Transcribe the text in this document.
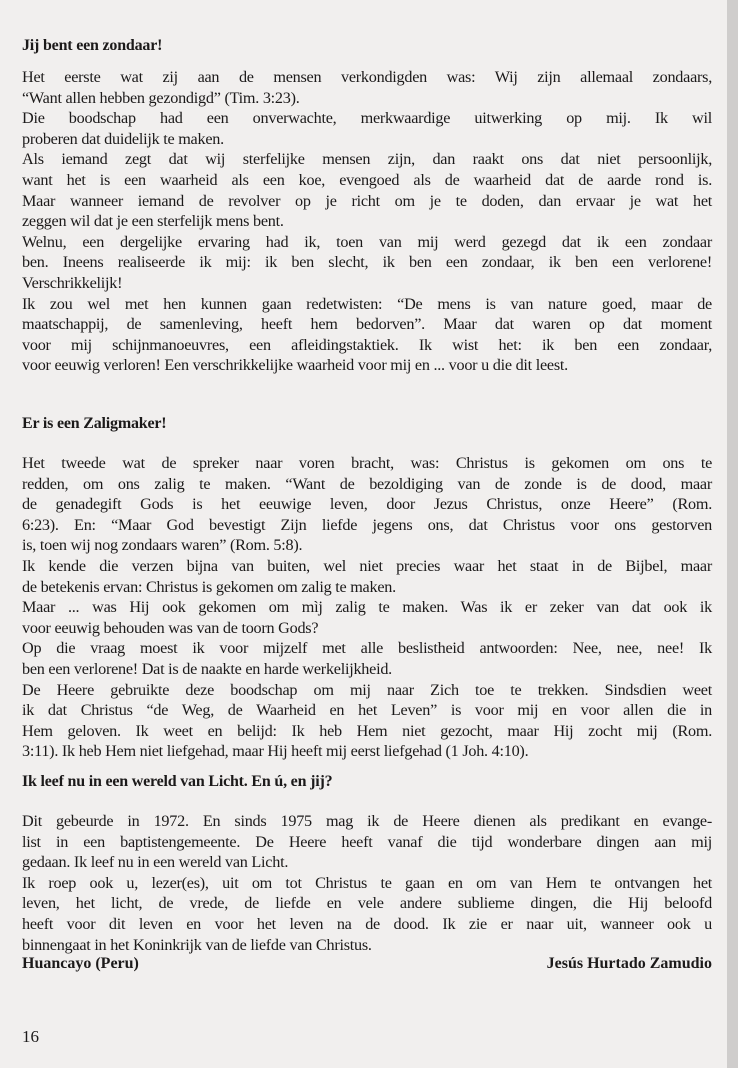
Jij bent een zondaar!
Het eerste wat zij aan de mensen verkondigden was: Wij zijn allemaal zondaars,
“Want allen hebben gezondigd” (Tim. 3:23).
Die boodschap had een onverwachte, merkwaardige uitwerking op mij. Ik wil
proberen dat duidelijk te maken.
Als iemand zegt dat wij sterfelijke mensen zijn, dan raakt ons dat niet persoonlijk,
want het is een waarheid als een koe, evengoed als de waarheid dat de aarde rond is.
Maar wanneer iemand de revolver op je richt om je te doden, dan ervaar je wat het
zeggen wil dat je een sterfelijk mens bent.
Welnu, een dergelijke ervaring had ik, toen van mij werd gezegd dat ik een zondaar
ben. Ineens realiseerde ik mij: ik ben slecht, ik ben een zondaar, ik ben een verlorene!
Verschrikkelijk!
Ik zou wel met hen kunnen gaan redetwisten: “De mens is van nature goed, maar de
maatschappij, de samenleving, heeft hem bedorven”. Maar dat waren op dat moment
voor mij schijnmanoeuvres, een afleidingstaktiek. Ik wist het: ik ben een zondaar,
voor eeuwig verloren! Een verschrikkelijke waarheid voor mij en ... voor u die dit leest.
Er is een Zaligmaker!
Het tweede wat de spreker naar voren bracht, was: Christus is gekomen om ons te
redden, om ons zalig te maken. “Want de bezoldiging van de zonde is de dood, maar
de genadegift Gods is het eeuwige leven, door Jezus Christus, onze Heere” (Rom.
6:23). En: “Maar God bevestigt Zijn liefde jegens ons, dat Christus voor ons gestorven
is, toen wij nog zondaars waren” (Rom. 5:8).
Ik kende die verzen bijna van buiten, wel niet precies waar het staat in de Bijbel, maar
de betekenis ervan: Christus is gekomen om zalig te maken.
Maar ... was Hij ook gekomen om mìj zalig te maken. Was ik er zeker van dat ook ik
voor eeuwig behouden was van de toorn Gods?
Op die vraag moest ik voor mijzelf met alle beslistheid antwoorden: Nee, nee, nee! Ik
ben een verlorene! Dat is de naakte en harde werkelijkheid.
De Heere gebruikte deze boodschap om mij naar Zich toe te trekken. Sindsdien weet
ik dat Christus “de Weg, de Waarheid en het Leven” is voor mij en voor allen die in
Hem geloven. Ik weet en belijd: Ik heb Hem niet gezocht, maar Hij zocht mij (Rom.
3:11). Ik heb Hem niet liefgehad, maar Hij heeft mij eerst liefgehad (1 Joh. 4:10).
Ik leef nu in een wereld van Licht. En ú, en jij?
Dit gebeurde in 1972. En sinds 1975 mag ik de Heere dienen als predikant en evange-
list in een baptistengemeente. De Heere heeft vanaf die tijd wonderbare dingen aan mij
gedaan. Ik leef nu in een wereld van Licht.
Ik roep ook u, lezer(es), uit om tot Christus te gaan en om van Hem te ontvangen het
leven, het licht, de vrede, de liefde en vele andere sublieme dingen, die Hij beloofd
heeft voor dit leven en voor het leven na de dood. Ik zie er naar uit, wanneer ook u
binnengaat in het Koninkrijk van de liefde van Christus.
Huancayo (Peru)	Jesús Hurtado Zamudio
16
